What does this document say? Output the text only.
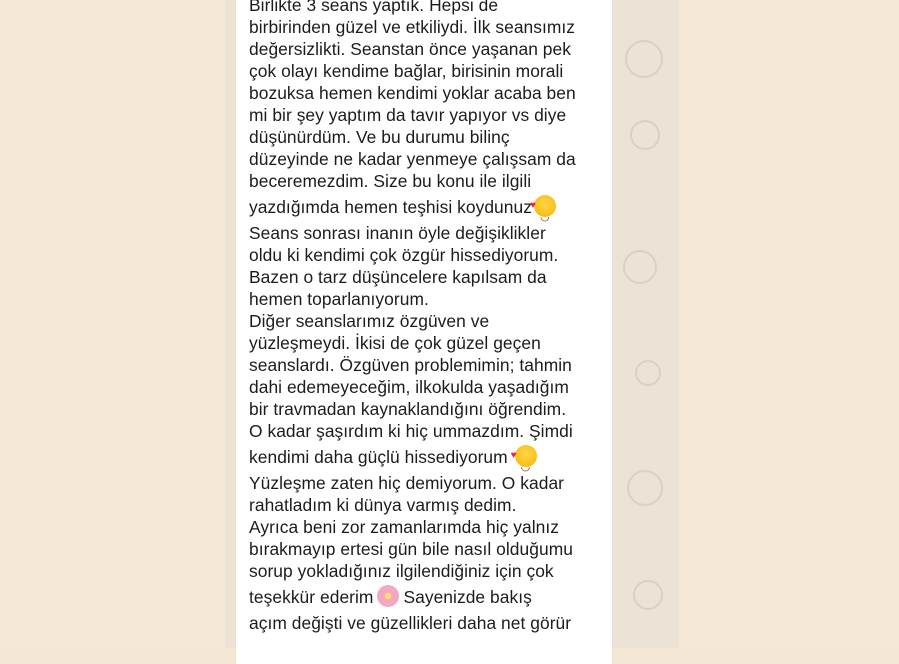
Birlikte 3 seans yaptık. Hepsi de
birbirinden güzel ve etkiliydi. İlk seansımız
değersizlikti. Seanstan önce yaşanan pek
çok olayı kendime bağlar, birisinin morali
bozuksa hemen kendimi yoklar acaba ben
mi bir şey yaptım da tavır yapıyor vs diye
düşünürdüm. Ve bu durumu bilinç
düzeyinde ne kadar yenmeye çalışsam da
beceremezdim. Size bu konu ile ilgili
yazdığımda hemen teşhisi koydunuz♥ ◡
Seans sonrası inanın öyle değişiklikler
oldu ki kendimi çok özgür hissediyorum.
Bazen o tarz düşüncelere kapılsam da
hemen toparlanıyorum.
Diğer seanslarımız özgüven ve
yüzleşmeydi. İkisi de çok güzel geçen
seanslardı. Özgüven problemimin; tahmin
dahi edemeyeceğim, ilkokulda yaşadığım
bir travmadan kaynaklandığını öğrendim.
O kadar şaşırdım ki hiç ummazdım. Şimdi
kendimi daha güçlü hissediyorum ♥ ◡
Yüzleşme zaten hiç demiyorum. O kadar
rahatladım ki dünya varmış dedim.
Ayrıca beni zor zamanlarımda hiç yalnız
bırakmayıp ertesi gün bile nasıl olduğumu
sorup yokladığınız ilgilendiğiniz için çok
teşekkür ederim Sayenizde bakış
açım değişti ve güzellikleri daha net görür
